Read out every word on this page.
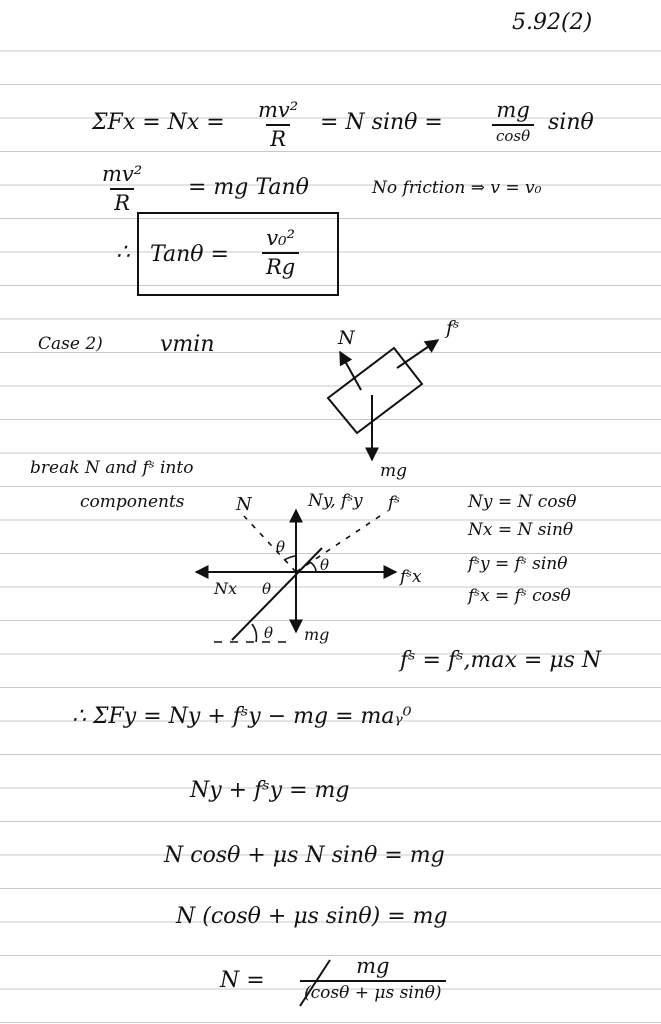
5.92(2)
$\Sigma Fx = Nx = \frac{\text{mv²}}{R} = N$ sinθ =	mg
cosθ
sinθ
$\frac{\text{mv²}}{R}$ = mg Tanθ	No friction ⇒ v = v₀
∴ $Tan\theta = \frac{\text{v₀²}}{Rg}$
Case 2)	vmin
break N and fˢ into
components	Ny = N cosθ
Nx = N sinθ
fˢy = fˢ sinθ
fˢx = fˢ cosθ
fˢ = fˢ,max = μs N
∴ ΣFy = Ny + fˢy − mg = maᵧ⁰
Ny + fˢy = mg
N cosθ + μs N sinθ = mg
N (cosθ + μs sinθ) = mg
N =
mg
(cosθ + μs sinθ)
N	fˢ
mg
N	Ny, fˢy fˢ
θ
θ
Nx θ
fˢx
mg
θ
